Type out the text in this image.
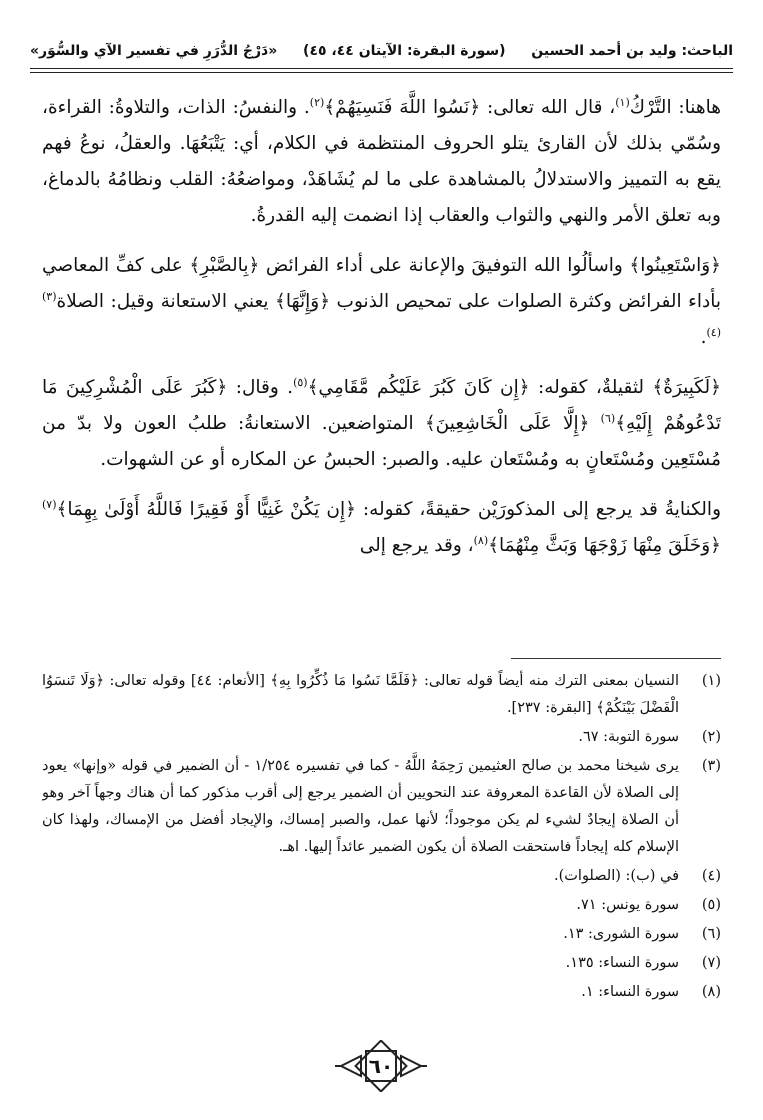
الباحث: وليد بن أحمد الحسين
(سورة البقرة: الآيتان ٤٤، ٤٥)
«دَرْجُ الدُّرَرِ في تفسير الآي والسُّوَر»

هاهنا: التَّرْكُ$^{(١)}$، قال الله تعالى: ﴿نَسُوا اللَّهَ فَنَسِيَهُمْ﴾$^{(٢)}$. والنفسُ: الذات، والتلاوةُ: القراءة، وسُمّي بذلك لأن القارئ يتلو الحروف المنتظمة في الكلام، أي: يَتْبَعُهَا. والعقلُ، نوعُ فهم يقع به التمييز والاستدلالُ بالمشاهدة على ما لم يُشَاهَدْ، ومواضعُهُ: القلب ونظامُهُ بالدماغ، وبه تعلق الأمر والنهي والثواب والعقاب إذا انضمت إليه القدرةُ.

﴿وَاسْتَعِينُوا﴾ واسألُوا الله التوفيقَ والإعانة على أداء الفرائض ﴿بِالصَّبْرِ﴾ على كفِّ المعاصي بأداء الفرائض وكثرة الصلوات على تمحيص الذنوب ﴿وَإِنَّهَا﴾ يعني الاستعانة وقيل: الصلاة$^{(٣)(٤)}$.

﴿لَكَبِيرَةٌ﴾ لثقيلةٌ، كقوله: ﴿إِن كَانَ كَبُرَ عَلَيْكُم مَّقَامِي﴾$^{(٥)}$. وقال: ﴿كَبُرَ عَلَى الْمُشْرِكِينَ مَا تَدْعُوهُمْ إِلَيْهِ﴾$^{(٦)}$ ﴿إِلَّا عَلَى الْخَاشِعِينَ﴾ المتواضعين. الاستعانةُ: طلبُ العون ولا بدّ من مُسْتَعِين ومُسْتَعانٍ به ومُسْتَعان عليه. والصبر: الحبسُ عن المكاره أو عن الشهوات.

والكنايةُ قد يرجع إلى المذكورَيْن حقيقةً، كقوله: ﴿إِن يَكُنْ غَنِيًّا أَوْ فَقِيرًا فَاللَّهُ أَوْلَىٰ بِهِمَا﴾$^{(٧)}$ ﴿وَخَلَقَ مِنْهَا زَوْجَهَا وَبَثَّ مِنْهُمَا﴾$^{(٨)}$، وقد يرجع إلى

(١)
النسيان بمعنى الترك منه أيضاً قوله تعالى: ﴿فَلَمَّا نَسُوا مَا ذُكِّرُوا بِهِ﴾ [الأنعام: ٤٤] وقوله تعالى: ﴿وَلَا تَنسَوُا الْفَضْلَ بَيْنَكُمْ﴾ [البقرة: ٢٣٧].
(٢)
سورة التوبة: ٦٧.
(٣)
يرى شيخنا محمد بن صالح العثيمين رَحِمَهُ اللَّهُ - كما في تفسيره ١/٢٥٤ - أن الضمير في قوله «وإنها» يعود إلى الصلاة لأن القاعدة المعروفة عند النحويين أن الضمير يرجع إلى أقرب مذكور كما أن هناك وجهاً آخر وهو أن الصلاة إيجادٌ لشيء لم يكن موجوداً؛ لأنها عمل، والصبر إمساك، والإيجاد أفضل من الإمساك، ولهذا كان الإسلام كله إيجاداً فاستحقت الصلاة أن يكون الضمير عائداً إليها. اهـ.
(٤)
في (ب): (الصلوات).
(٥)
سورة يونس: ٧١.
(٦)
سورة الشورى: ١٣.
(٧)
سورة النساء: ١٣٥.
(٨)
سورة النساء: ١.
٦٠
